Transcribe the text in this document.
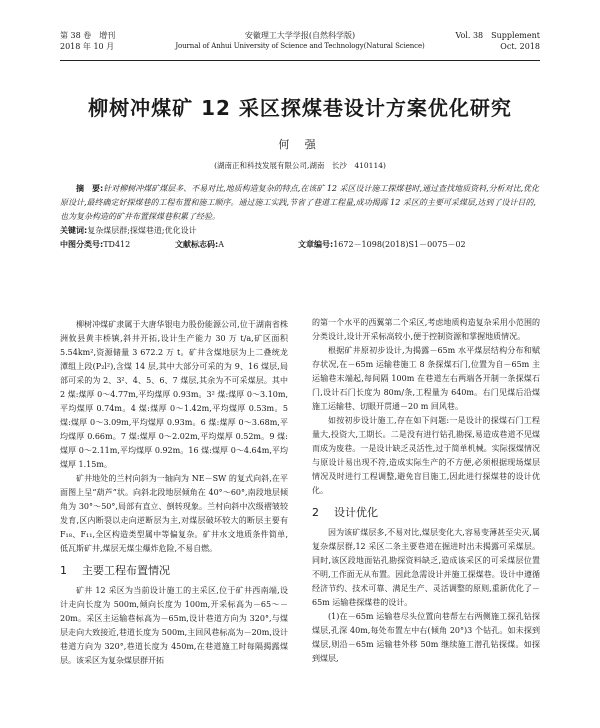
第 38 卷　增刊
2018 年 10 月
安徽理工大学学报(自然科学版)
Journal of Anhui University of Science and Technology(Natural Science)
Vol. 38　Supplement
Oct. 2018
柳树冲煤矿 12 采区探煤巷设计方案优化研究
何 强
(湖南正和科技发展有限公司,湖南　长沙　410114)

摘　要:针对柳树冲煤矿煤层多、不易对比,地质构造复杂的特点,在该矿 12 采区设计施工探煤巷时,通过查找地质资料,分析对比,优化原设计,最终确定好探煤巷的工程布置和施工顺序。通过施工实践,节省了巷道工程量,成功揭露 12 采区的主要可采煤层,达到了设计目的,也为复杂构造的矿井布置探煤巷积累了经验。

关键词:复杂煤层群;探煤巷道;优化设计

中图分类号:TD412	文献标志码:A	文章编号:1672－1098(2018)S1－0075－02

柳树冲煤矿隶属于大唐华银电力股份能源公司,位于湖南省株洲攸县黄丰桥镇,斜井开拓,设计生产能力 30 万 t/a,矿区面积 5.54km²,资源储量 3 672.2 万 t。矿井含煤地层为上二叠统龙潭组上段(P₂l²),含煤 14 层,其中大部分可采的为 9、16 煤层,局部可采的为 2、3²、4、5、6、7 煤层,其余为不可采煤层。其中 2 煤:煤厚 0～4.77m,平均煤厚 0.93m。3² 煤:煤厚 0～3.10m,平均煤厚 0.74m。4 煤:煤厚 0～1.42m,平均煤厚 0.53m。5 煤:煤厚 0～3.09m,平均煤厚 0.93m。6 煤:煤厚 0～3.68m,平均煤厚 0.66m。7 煤:煤厚 0～2.02m,平均煤厚 0.52m。9 煤:煤厚 0～2.11m,平均煤厚 0.92m。16 煤:煤厚 0～4.64m,平均煤厚 1.15m。

矿井地处的兰村向斜为一轴向为 NE－SW 的复式向斜,在平面图上呈“葫芦”状。向斜北段地层倾角在 40°～60°,南段地层倾角为 30°～50°,局部有直立、倒转现象。兰村向斜中次级褶皱较发育,区内断裂以走向逆断层为主,对煤层破坏较大的断层主要有 F₁₈、F₁₁,全区构造类型属中等偏复杂。矿井水文地质条件简单,低瓦斯矿井,煤层无煤尘爆炸危险,不易自燃。

1 主要工程布置情况

矿井 12 采区为当前设计施工的主采区,位于矿井西南端,设计走向长度为 500m,倾向长度为 100m,开采标高为－65～－20m。采区主运输巷标高为－65m,设计巷道方向为 320°,与煤层走向大致接近,巷道长度为 500m,主回风巷标高为－20m,设计巷道方向为 320°,巷道长度为 450m,在巷道施工时每隔揭露煤层。该采区为复杂煤层群开拓

的第一个水平的西翼第二个采区,考虑地质构造复杂采用小范围的分类设计,设计开采标高较小,便于控制资源和掌握地质情况。

根据矿井原初步设计,为揭露－65m 水平煤层结构分布和赋存状况,在－65m 运输巷施工 8 条探煤石门,位置为自－65m 主运输巷末端起,每间隔 100m 在巷道左右两端各开制一条探煤石门,设计石门长度为 80m/条,工程量为 640m。右门见煤后沿煤施工运输巷、切眼开贯通－20 m 回风巷。

如按初步设计施工,存在如下问题:一是设计的探煤石门工程量大,投资大,工期长。二是没有进行钻孔勘探,易造成巷道不见煤而成为废巷。一是设计缺乏灵活性,过于简单机械。实际探煤情况与原设计易出现不符,造成实际生产的不方便,必须根据现场煤层情况及时进行工程调整,避免盲目施工,因此进行探煤巷的设计优化。

2 设计优化

因为该矿煤层多,不易对比,煤层变化大,容易变薄甚至尖灭,属复杂煤层群,12 采区二条主要巷道在掘进时出未揭露可采煤层。同时,该区段地面钻孔勘探资料缺乏,造成该采区的可采煤层位置不明,工作面无从布置。因此急需设计并施工探煤巷。设计中遵循经济节约、技术可靠、满足生产、灵活调整的原则,重新优化了－65m 运输巷探煤巷的设计。

(1)在－65m 运输巷尽头位置向巷帮左右两侧施工探孔钻探煤层,孔深 40m,每处布置左中右(倾角 20°)3 个钻孔。如未探到煤层,则沿－65m 运输巷外移 50m 继续施工潜孔钻探煤。如探到煤层,
